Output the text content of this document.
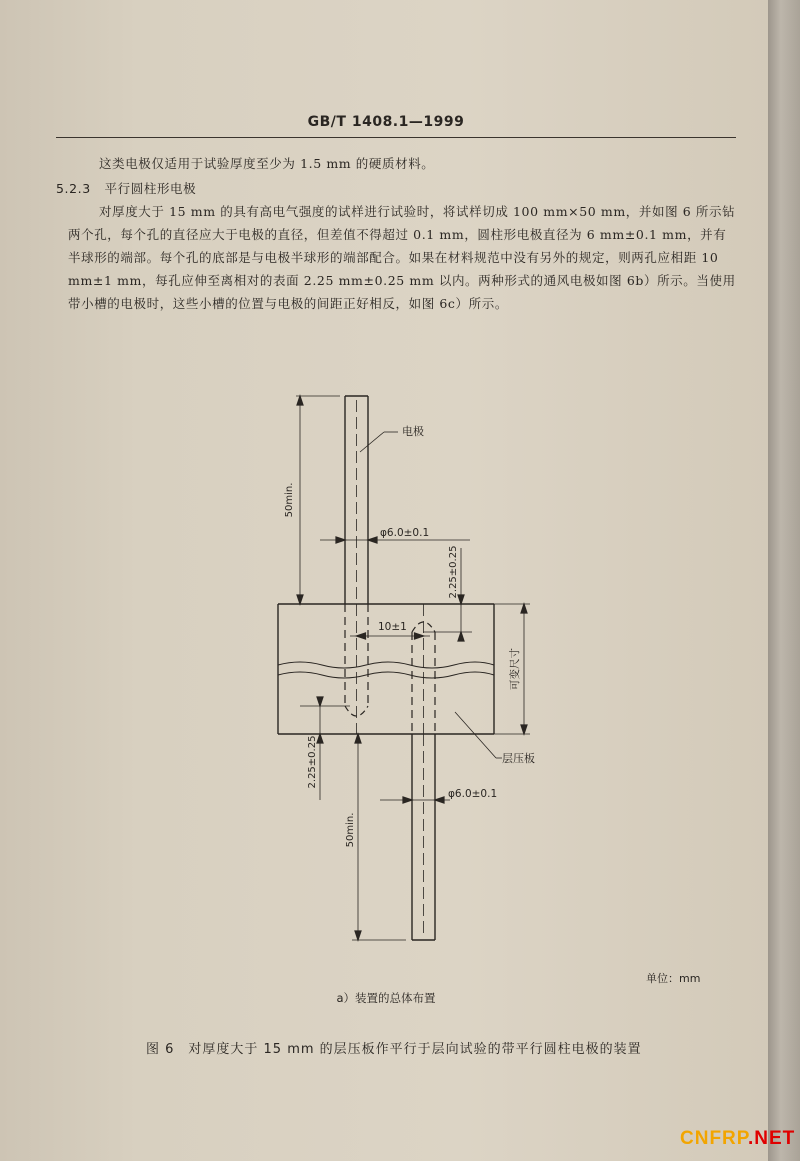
GB/T 1408.1—1999
这类电极仅适用于试验厚度至少为 1.5 mm 的硬质材料。
5.2.3 平行圆柱形电极
对厚度大于 15 mm 的具有高电气强度的试样进行试验时，将试样切成 100 mm×50 mm，并如图 6 所示钻两个孔，每个孔的直径应大于电极的直径，但差值不得超过 0.1 mm，圆柱形电极直径为 6 mm±0.1 mm，并有半球形的端部。每个孔的底部是与电极半球形的端部配合。如果在材料规范中没有另外的规定，则两孔应相距 10 mm±1 mm，每孔应伸至离相对的表面 2.25 mm±0.25 mm 以内。两种形式的通风电极如图 6b）所示。当使用带小槽的电极时，这些小槽的位置与电极的间距正好相反，如图 6c）所示。
电极
50min.
φ6.0±0.1
2.25±0.25
10±1
可变尺寸
2.25±0.25	层压板
φ6.0±0.1
50min.
单位：mm
a）装置的总体布置
图 6　对厚度大于 15 mm 的层压板作平行于层向试验的带平行圆柱电极的装置
CNFRP.NET
